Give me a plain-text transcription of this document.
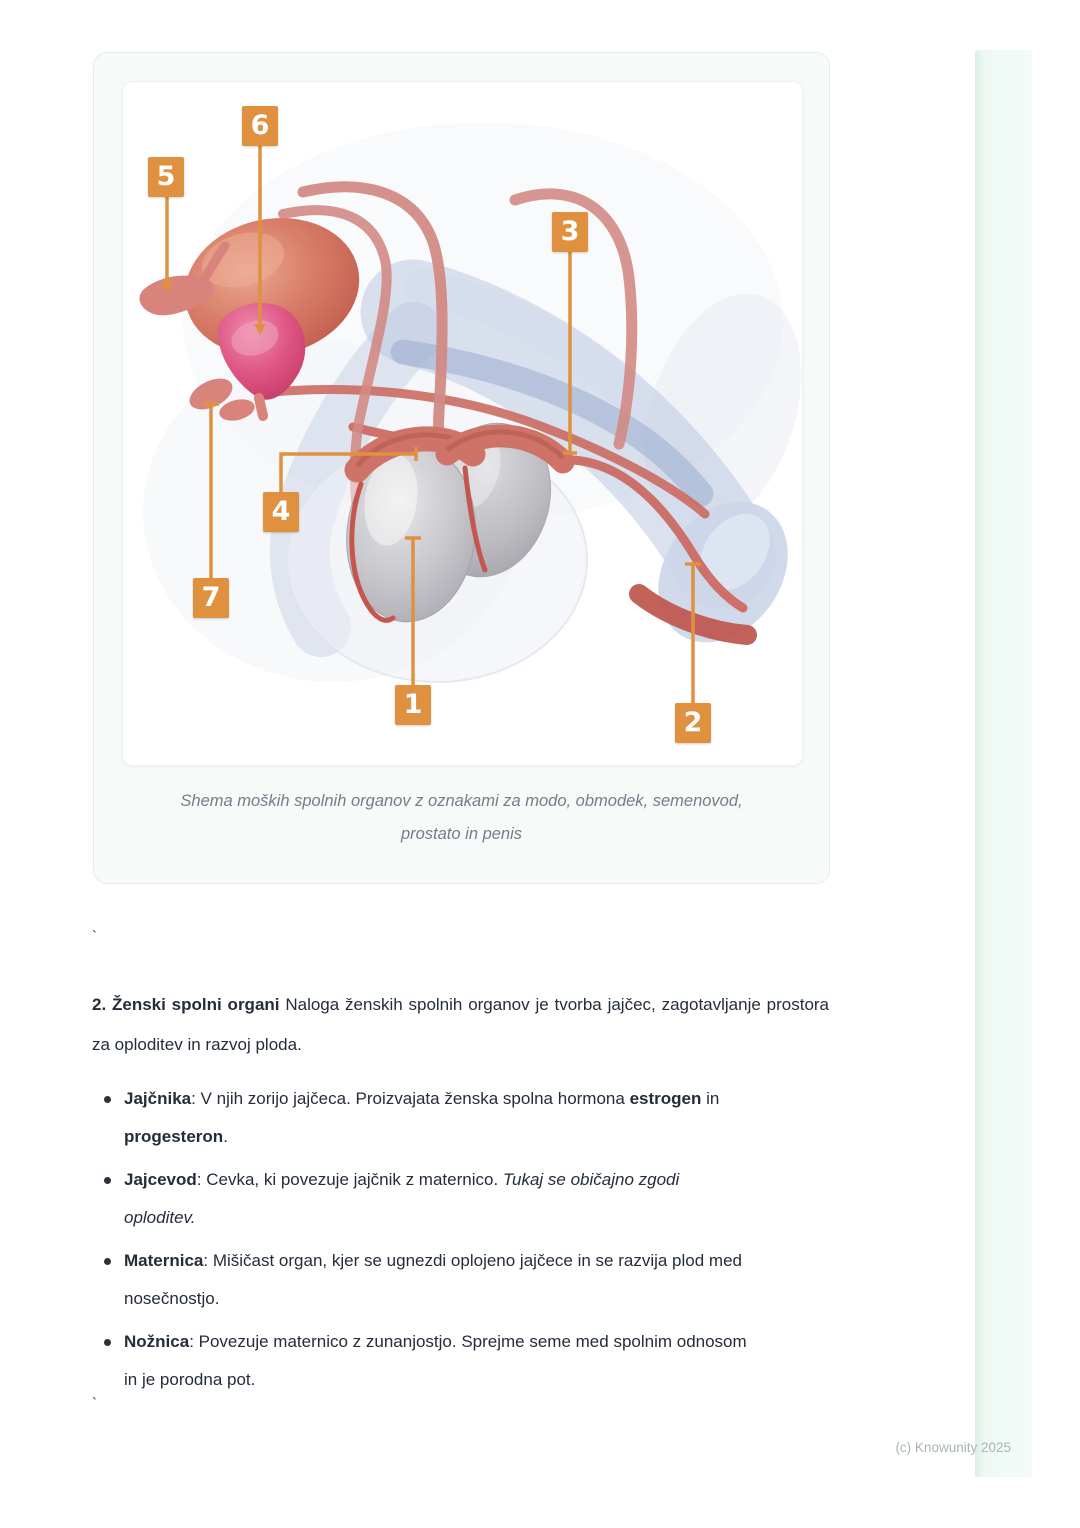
1
2
3
4
5
6
7
Shema moških spolnih organov z oznakami za modo, obmodek, semenovod,
prostato in penis
`

2. Ženski spolni organi Naloga ženskih spolnih organov je tvorba jajčec, zagotavljanje prostora za oploditev in razvoj ploda.

Jajčnika: V njih zorijo jajčeca. Proizvajata ženska spolna hormona estrogen in progesteron.
Jajcevod: Cevka, ki povezuje jajčnik z maternico. Tukaj se običajno zgodi oploditev.
Maternica: Mišičast organ, kjer se ugnezdi oplojeno jajčece in se razvija plod med nosečnostjo.
Nožnica: Povezuje maternico z zunanjostjo. Sprejme seme med spolnim odnosom in je porodna pot.
`
(c) Knowunity 2025
